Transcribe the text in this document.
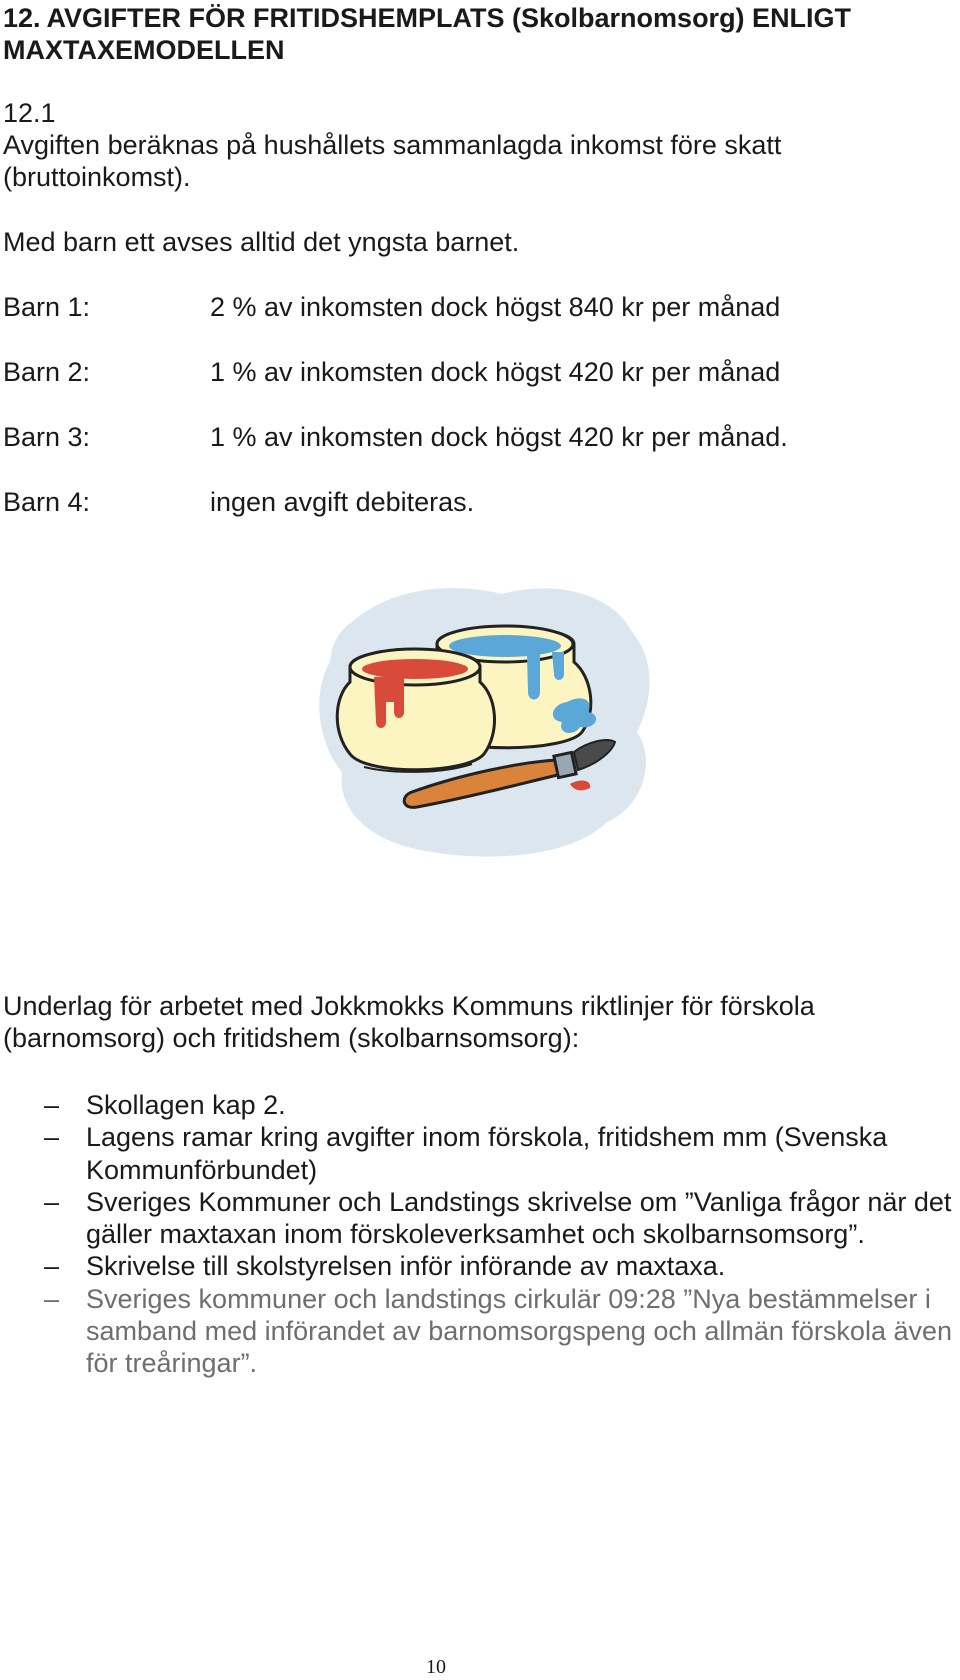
12. AVGIFTER FÖR FRITIDSHEMPLATS (Skolbarnomsorg) ENLIGT MAXTAXEMODELLEN
12.1

Avgiften beräknas på hushållets sammanlagda inkomst före skatt (bruttoinkomst).

Med barn ett avses alltid det yngsta barnet.

Barn 1:	2 % av inkomsten dock högst 840 kr per månad
Barn 2:	1 % av inkomsten dock högst 420 kr per månad
Barn 3:	1 % av inkomsten dock högst 420 kr per månad.
Barn 4:	ingen avgift debiteras.

Underlag för arbetet med Jokkmokks Kommuns riktlinjer för förskola (barnomsorg) och fritidshem (skolbarnsomsorg):

– Skollagen kap 2.
– Lagens ramar kring avgifter inom förskola, fritidshem mm (Svenska Kommunförbundet)
– Sveriges Kommuner och Landstings skrivelse om ”Vanliga frågor när det gäller maxtaxan inom förskoleverksamhet och skolbarnsomsorg”.
– Skrivelse till skolstyrelsen inför införande av maxtaxa.
– Sveriges kommuner och landstings cirkulär 09:28 ”Nya bestämmelser i samband med införandet av barnomsorgspeng och allmän förskola även för treåringar”.
10
